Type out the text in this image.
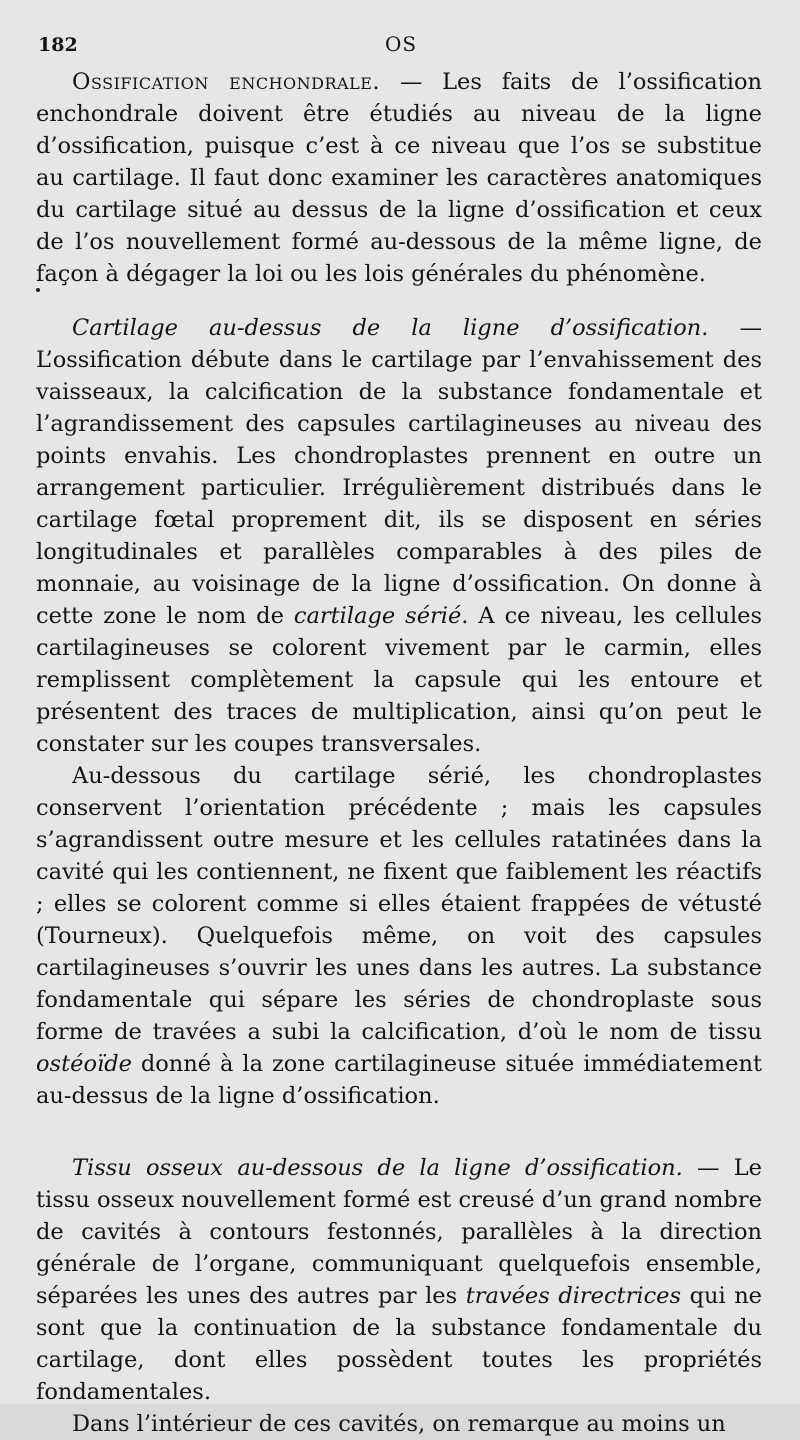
182	OS

Ossification enchondrale. — Les faits de l’ossification enchondrale doivent être étudiés au niveau de la ligne d’ossification, puisque c’est à ce niveau que l’os se substitue au cartilage. Il faut donc examiner les caractères anatomiques du cartilage situé au dessus de la ligne d’ossification et ceux de l’os nouvellement formé au-dessous de la même ligne, de façon à dégager la loi ou les lois générales du phénomène.

Cartilage au-dessus de la ligne d’ossification. — L’ossification débute dans le cartilage par l’envahissement des vaisseaux, la calcification de la substance fondamentale et l’agrandissement des capsules cartilagineuses au niveau des points envahis. Les chondroplastes prennent en outre un arrangement particulier. Irrégulièrement distribués dans le cartilage fœtal proprement dit, ils se disposent en séries longitudinales et parallèles comparables à des piles de monnaie, au voisinage de la ligne d’ossification. On donne à cette zone le nom de cartilage sérié. A ce niveau, les cellules cartilagineuses se colorent vivement par le carmin, elles remplissent complètement la capsule qui les entoure et présentent des traces de multiplication, ainsi qu’on peut le constater sur les coupes transversales.

Au-dessous du cartilage sérié, les chondroplastes conservent l’orientation précédente ; mais les capsules s’agrandissent outre mesure et les cellules ratatinées dans la cavité qui les contiennent, ne fixent que faiblement les réactifs ; elles se colorent comme si elles étaient frappées de vétusté (Tourneux). Quelquefois même, on voit des capsules cartilagineuses s’ouvrir les unes dans les autres. La substance fondamentale qui sépare les séries de chondroplaste sous forme de travées a subi la calcification, d’où le nom de tissu ostéoïde donné à la zone cartilagineuse située immédiatement au-dessus de la ligne d’ossification.

Tissu osseux au-dessous de la ligne d’ossification. — Le tissu osseux nouvellement formé est creusé d’un grand nombre de cavités à contours festonnés, parallèles à la direction générale de l’organe, communiquant quelquefois ensemble, séparées les unes des autres par les travées directrices qui ne sont que la continuation de la substance fondamentale du cartilage, dont elles possèdent toutes les propriétés fondamentales.

Dans l’intérieur de ces cavités, on remarque au moins un
